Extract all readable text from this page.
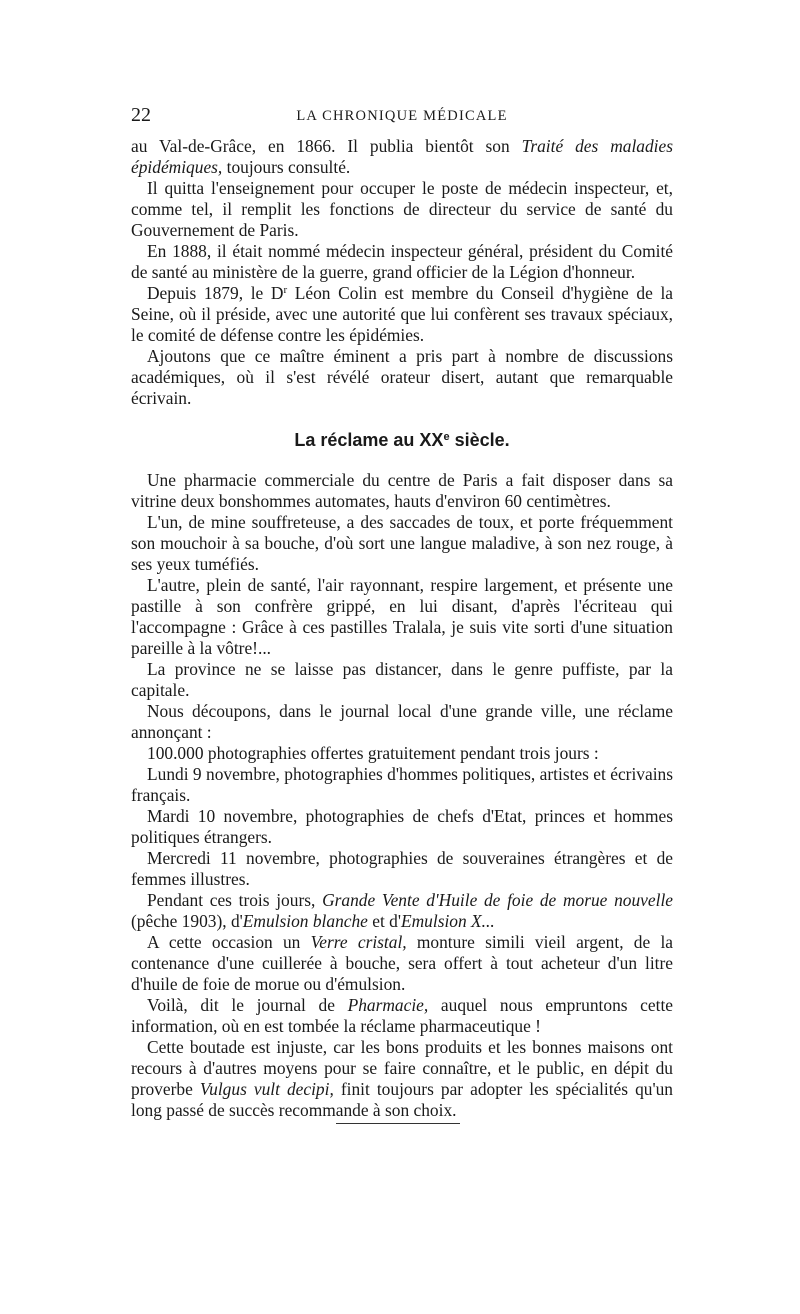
22	LA CHRONIQUE MÉDICALE

au Val-de-Grâce, en 1866. Il publia bientôt son Traité des maladies épidémiques, toujours consulté.

Il quitta l'enseignement pour occuper le poste de médecin inspecteur, et, comme tel, il remplit les fonctions de directeur du service de santé du Gouvernement de Paris.

En 1888, il était nommé médecin inspecteur général, président du Comité de santé au ministère de la guerre, grand officier de la Légion d'honneur.

Depuis 1879, le $D^r$ Léon Colin est membre du Conseil d'hygiène de la Seine, où il préside, avec une autorité que lui confèrent ses travaux spéciaux, le comité de défense contre les épidémies.

Ajoutons que ce maître éminent a pris part à nombre de discussions académiques, où il s'est révélé orateur disert, autant que remarquable écrivain.

La réclame au XXe siècle.

Une pharmacie commerciale du centre de Paris a fait disposer dans sa vitrine deux bonshommes automates, hauts d'environ 60 centimètres.

L'un, de mine souffreteuse, a des saccades de toux, et porte fréquemment son mouchoir à sa bouche, d'où sort une langue maladive, à son nez rouge, à ses yeux tuméfiés.

L'autre, plein de santé, l'air rayonnant, respire largement, et présente une pastille à son confrère grippé, en lui disant, d'après l'écriteau qui l'accompagne : Grâce à ces pastilles Tralala, je suis vite sorti d'une situation pareille à la vôtre!...

La province ne se laisse pas distancer, dans le genre puffiste, par la capitale.

Nous découpons, dans le journal local d'une grande ville, une réclame annonçant :

100.000 photographies offertes gratuitement pendant trois jours :

Lundi 9 novembre, photographies d'hommes politiques, artistes et écrivains français.

Mardi 10 novembre, photographies de chefs d'Etat, princes et hommes politiques étrangers.

Mercredi 11 novembre, photographies de souveraines étrangères et de femmes illustres.

Pendant ces trois jours, Grande Vente d'Huile de foie de morue nouvelle (pêche 1903), d'Emulsion blanche et d'Emulsion X...

A cette occasion un Verre cristal, monture simili vieil argent, de la contenance d'une cuillerée à bouche, sera offert à tout acheteur d'un litre d'huile de foie de morue ou d'émulsion.

Voilà, dit le journal de Pharmacie, auquel nous empruntons cette information, où en est tombée la réclame pharmaceutique !

Cette boutade est injuste, car les bons produits et les bonnes maisons ont recours à d'autres moyens pour se faire connaître, et le public, en dépit du proverbe Vulgus vult decipi, finit toujours par adopter les spécialités qu'un long passé de succès recommande à son choix.
